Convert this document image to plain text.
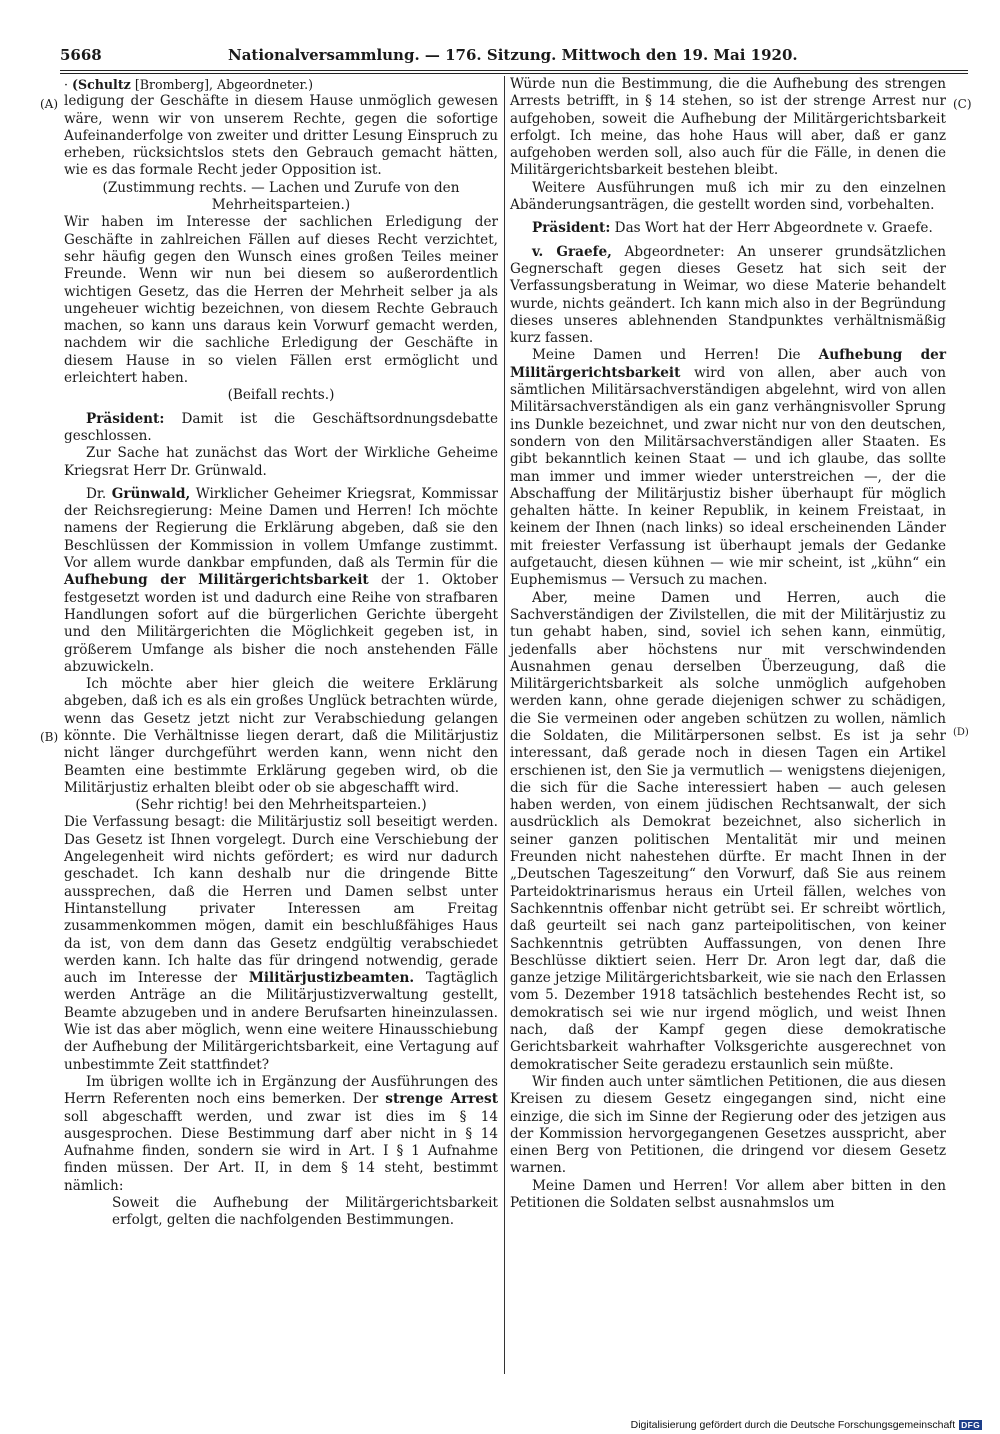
5668	Nationalversammlung. — 176. Sitzung. Mittwoch den 19. Mai 1920.
(A)
(B)
(C)
(D)

· (Schultz [Bromberg], Abgeordneter.)

ledigung der Geschäfte in diesem Hause unmöglich gewesen wäre, wenn wir von unserem Rechte, gegen die sofortige Aufeinanderfolge von zweiter und dritter Lesung Einspruch zu erheben, rücksichtslos stets den Gebrauch gemacht hätten, wie es das formale Recht jeder Opposition ist.

(Zustimmung rechts. — Lachen und Zurufe von den Mehrheitsparteien.)

Wir haben im Interesse der sachlichen Erledigung der Geschäfte in zahlreichen Fällen auf dieses Recht verzichtet, sehr häufig gegen den Wunsch eines großen Teiles meiner Freunde. Wenn wir nun bei diesem so außerordentlich wichtigen Gesetz, das die Herren der Mehrheit selber ja als ungeheuer wichtig bezeichnen, von diesem Rechte Gebrauch machen, so kann uns daraus kein Vorwurf gemacht werden, nachdem wir die sachliche Erledigung der Geschäfte in diesem Hause in so vielen Fällen erst ermöglicht und erleichtert haben.

(Beifall rechts.)

Präsident: Damit ist die Geschäftsordnungsdebatte geschlossen.

Zur Sache hat zunächst das Wort der Wirkliche Geheime Kriegsrat Herr Dr. Grünwald.

Dr. Grünwald, Wirklicher Geheimer Kriegsrat, Kommissar der Reichsregierung: Meine Damen und Herren! Ich möchte namens der Regierung die Erklärung abgeben, daß sie den Beschlüssen der Kommission in vollem Umfange zustimmt. Vor allem wurde dankbar empfunden, daß als Termin für die Aufhebung der Militärgerichtsbarkeit der 1. Oktober festgesetzt worden ist und dadurch eine Reihe von strafbaren Handlungen sofort auf die bürgerlichen Gerichte übergeht und den Militärgerichten die Möglichkeit gegeben ist, in größerem Umfange als bisher die noch anstehenden Fälle abzuwickeln.

Ich möchte aber hier gleich die weitere Erklärung abgeben, daß ich es als ein großes Unglück betrachten würde, wenn das Gesetz jetzt nicht zur Verabschiedung gelangen könnte. Die Verhältnisse liegen derart, daß die Militärjustiz nicht länger durchgeführt werden kann, wenn nicht den Beamten eine bestimmte Erklärung gegeben wird, ob die Militärjustiz erhalten bleibt oder ob sie abgeschafft wird.

(Sehr richtig! bei den Mehrheitsparteien.)

Die Verfassung besagt: die Militärjustiz soll beseitigt werden. Das Gesetz ist Ihnen vorgelegt. Durch eine Verschiebung der Angelegenheit wird nichts gefördert; es wird nur dadurch geschadet. Ich kann deshalb nur die dringende Bitte aussprechen, daß die Herren und Damen selbst unter Hintanstellung privater Interessen am Freitag zusammenkommen mögen, damit ein beschlußfähiges Haus da ist, von dem dann das Gesetz endgültig verabschiedet werden kann. Ich halte das für dringend notwendig, gerade auch im Interesse der Militärjustizbeamten. Tagtäglich werden Anträge an die Militärjustizverwaltung gestellt, Beamte abzugeben und in andere Berufsarten hineinzulassen. Wie ist das aber möglich, wenn eine weitere Hinausschiebung der Aufhebung der Militärgerichtsbarkeit, eine Vertagung auf unbestimmte Zeit stattfindet?

Im übrigen wollte ich in Ergänzung der Ausführungen des Herrn Referenten noch eins bemerken. Der strenge Arrest soll abgeschafft werden, und zwar ist dies im § 14 ausgesprochen. Diese Bestimmung darf aber nicht in § 14 Aufnahme finden, sondern sie wird in Art. I § 1 Aufnahme finden müssen. Der Art. II, in dem § 14 steht, bestimmt nämlich:

Soweit die Aufhebung der Militärgerichtsbarkeit erfolgt, gelten die nachfolgenden Bestimmungen.

Würde nun die Bestimmung, die die Aufhebung des strengen Arrests betrifft, in § 14 stehen, so ist der strenge Arrest nur aufgehoben, soweit die Aufhebung der Militärgerichtsbarkeit erfolgt. Ich meine, das hohe Haus will aber, daß er ganz aufgehoben werden soll, also auch für die Fälle, in denen die Militärgerichtsbarkeit bestehen bleibt.

Weitere Ausführungen muß ich mir zu den einzelnen Abänderungsanträgen, die gestellt worden sind, vorbehalten.

Präsident: Das Wort hat der Herr Abgeordnete v. Graefe.

v. Graefe, Abgeordneter: An unserer grundsätzlichen Gegnerschaft gegen dieses Gesetz hat sich seit der Verfassungsberatung in Weimar, wo diese Materie behandelt wurde, nichts geändert. Ich kann mich also in der Begründung dieses unseres ablehnenden Standpunktes verhältnismäßig kurz fassen.

Meine Damen und Herren! Die Aufhebung der Militärgerichtsbarkeit wird von allen, aber auch von sämtlichen Militärsachverständigen abgelehnt, wird von allen Militärsachverständigen als ein ganz verhängnisvoller Sprung ins Dunkle bezeichnet, und zwar nicht nur von den deutschen, sondern von den Militärsachverständigen aller Staaten. Es gibt bekanntlich keinen Staat — und ich glaube, das sollte man immer und immer wieder unterstreichen —, der die Abschaffung der Militärjustiz bisher überhaupt für möglich gehalten hätte. In keiner Republik, in keinem Freistaat, in keinem der Ihnen (nach links) so ideal erscheinenden Länder mit freiester Verfassung ist überhaupt jemals der Gedanke aufgetaucht, diesen kühnen — wie mir scheint, ist „kühn“ ein Euphemismus — Versuch zu machen.

Aber, meine Damen und Herren, auch die Sachverständigen der Zivilstellen, die mit der Militärjustiz zu tun gehabt haben, sind, soviel ich sehen kann, einmütig, jedenfalls aber höchstens nur mit verschwindenden Ausnahmen genau derselben Überzeugung, daß die Militärgerichtsbarkeit als solche unmöglich aufgehoben werden kann, ohne gerade diejenigen schwer zu schädigen, die Sie vermeinen oder angeben schützen zu wollen, nämlich die Soldaten, die Militärpersonen selbst. Es ist ja sehr interessant, daß gerade noch in diesen Tagen ein Artikel erschienen ist, den Sie ja vermutlich — wenigstens diejenigen, die sich für die Sache interessiert haben — auch gelesen haben werden, von einem jüdischen Rechtsanwalt, der sich ausdrücklich als Demokrat bezeichnet, also sicherlich in seiner ganzen politischen Mentalität mir und meinen Freunden nicht nahestehen dürfte. Er macht Ihnen in der „Deutschen Tageszeitung“ den Vorwurf, daß Sie aus reinem Parteidoktrinarismus heraus ein Urteil fällen, welches von Sachkenntnis offenbar nicht getrübt sei. Er schreibt wörtlich, daß geurteilt sei nach ganz parteipolitischen, von keiner Sachkenntnis getrübten Auffassungen, von denen Ihre Beschlüsse diktiert seien. Herr Dr. Aron legt dar, daß die ganze jetzige Militärgerichtsbarkeit, wie sie nach den Erlassen vom 5. Dezember 1918 tatsächlich bestehendes Recht ist, so demokratisch sei wie nur irgend möglich, und weist Ihnen nach, daß der Kampf gegen diese demokratische Gerichtsbarkeit wahrhafter Volksgerichte ausgerechnet von demokratischer Seite geradezu erstaunlich sein müßte.

Wir finden auch unter sämtlichen Petitionen, die aus diesen Kreisen zu diesem Gesetz eingegangen sind, nicht eine einzige, die sich im Sinne der Regierung oder des jetzigen aus der Kommission hervorgegangenen Gesetzes ausspricht, aber einen Berg von Petitionen, die dringend vor diesem Gesetz warnen.

Meine Damen und Herren! Vor allem aber bitten in den Petitionen die Soldaten selbst ausnahmslos um

Digitalisierung gefördert durch die Deutsche Forschungsgemeinschaft DFG
